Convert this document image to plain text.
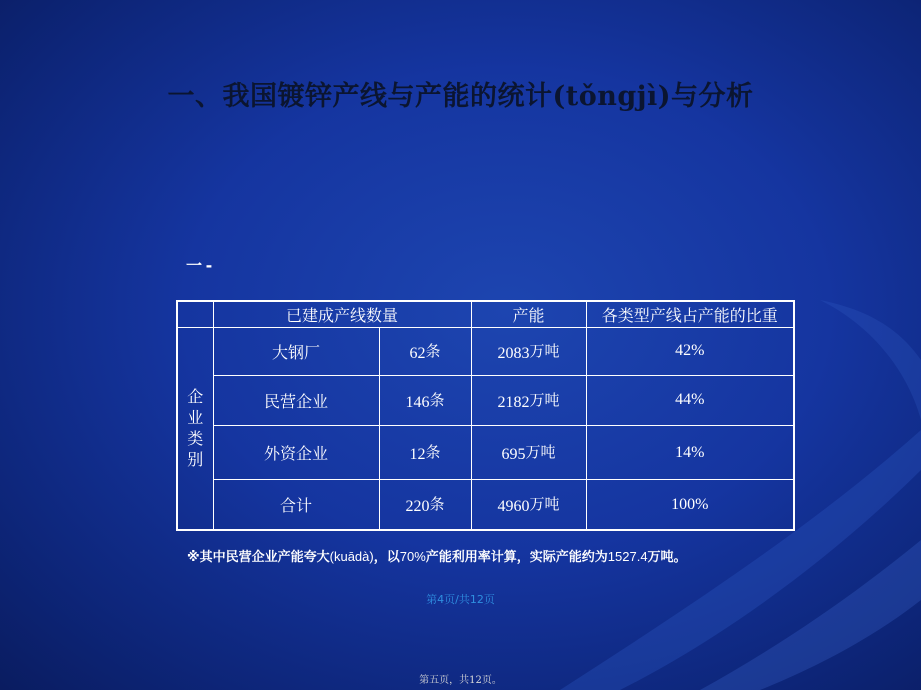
一、我国镀锌产线与产能的统计(tǒngjì)与分析
一 -
	已建成产线数量		产能	各类型产线占产能的比重

企
业
类
别	大钢厂	62条	2083万吨	42%
	民营企业	146条	2182万吨	44%
	外资企业	12条	695万吨	14%
	合计	220条	4960万吨	100%
※其中民营企业产能夸大(kuādà)，以70%产能利用率计算，实际产能约为1527.4万吨。
第4页/共12页
第五页，共12页。
